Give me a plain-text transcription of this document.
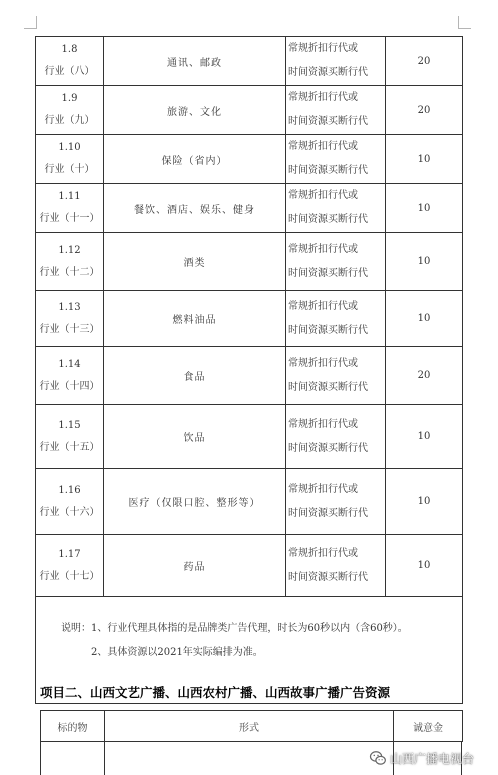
1.8
行业（八）	通讯、邮政	常规折扣行代或
时间资源买断行代	20

1.9
行业（九）	旅游、文化	常规折扣行代或
时间资源买断行代	20

1.10
行业（十）	保险（省内）	常规折扣行代或
时间资源买断行代	10

1.11
行业（十一）	餐饮、酒店、娱乐、健身	常规折扣行代或
时间资源买断行代	10

1.12
行业（十二）	酒类	常规折扣行代或
时间资源买断行代	10

1.13
行业（十三）	燃料油品	常规折扣行代或
时间资源买断行代	10

1.14
行业（十四）	食品	常规折扣行代或
时间资源买断行代	20

1.15
行业（十五）	饮品	常规折扣行代或
时间资源买断行代	10

1.16
行业（十六）	医疗（仅限口腔、整形等）	常规折扣行代或
时间资源买断行代	10

1.17
行业（十七）	药品	常规折扣行代或
时间资源买断行代	10

说明：1、行业代理具体指的是品牌类广告代理，时长为60秒以内（含60秒）。
2、具体资源以2021年实际编排为准。			
项目二、山西文艺广播、山西农村广播、山西故事广播广告资源
标的物	形式	诚意金
山西广播电视台
